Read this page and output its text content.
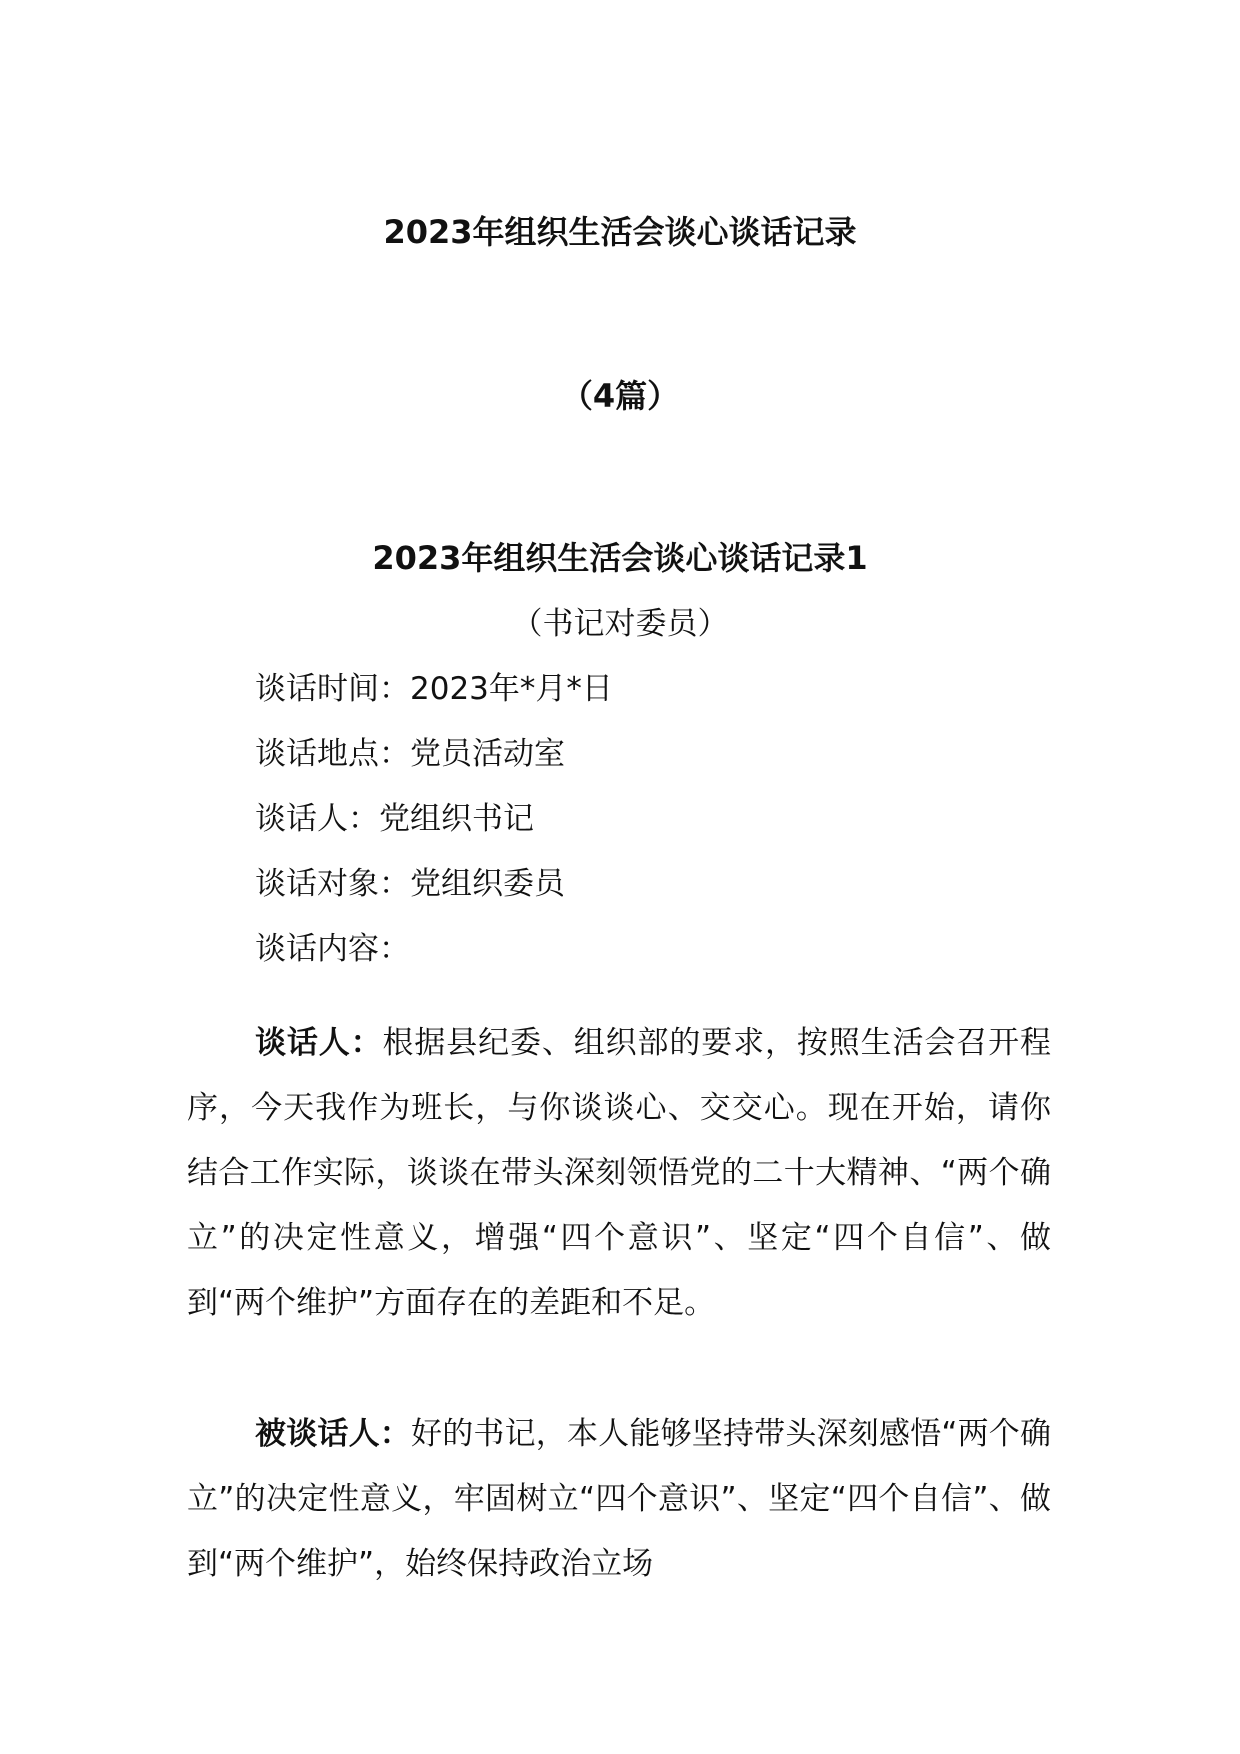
2023年组织生活会谈心谈话记录
（4篇）
2023年组织生活会谈心谈话记录1
（书记对委员）
谈话时间：2023年*月*日
谈话地点：党员活动室
谈话人：党组织书记
谈话对象：党组织委员
谈话内容：

谈话人：根据县纪委、组织部的要求，按照生活会召开程序，今天我作为班长，与你谈谈心、交交心。现在开始，请你结合工作实际，谈谈在带头深刻领悟党的二十大精神、“两个确立”的决定性意义，增强“四个意识”、坚定“四个自信”、做到“两个维护”方面存在的差距和不足。

被谈话人：好的书记，本人能够坚持带头深刻感悟“两个确立”的决定性意义，牢固树立“四个意识”、坚定“四个自信”、做到“两个维护”，始终保持政治立场
